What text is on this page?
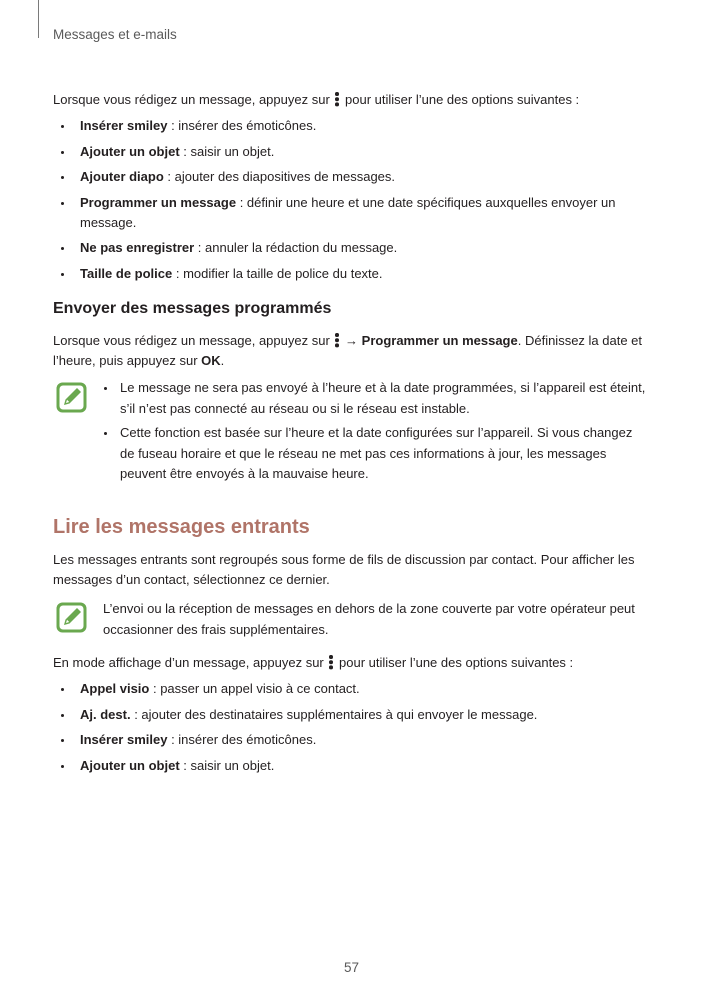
Messages et e-mails
Lorsque vous rédigez un message, appuyez sur pour utiliser l’une des options suivantes :
Insérer smiley : insérer des émoticônes.
Ajouter un objet : saisir un objet.
Ajouter diapo : ajouter des diapositives de messages.
Programmer un message : définir une heure et une date spécifiques auxquelles envoyer un message.
Ne pas enregistrer : annuler la rédaction du message.
Taille de police : modifier la taille de police du texte.
Envoyer des messages programmés
Lorsque vous rédigez un message, appuyez sur → Programmer un message. Définissez la date et l’heure, puis appuyez sur OK.
Le message ne sera pas envoyé à l’heure et à la date programmées, si l’appareil est éteint, s’il n’est pas connecté au réseau ou si le réseau est instable.
Cette fonction est basée sur l’heure et la date configurées sur l’appareil. Si vous changez de fuseau horaire et que le réseau ne met pas ces informations à jour, les messages peuvent être envoyés à la mauvaise heure.
Lire les messages entrants
Les messages entrants sont regroupés sous forme de fils de discussion par contact. Pour afficher les messages d’un contact, sélectionnez ce dernier.
L’envoi ou la réception de messages en dehors de la zone couverte par votre opérateur peut occasionner des frais supplémentaires.
En mode affichage d’un message, appuyez sur pour utiliser l’une des options suivantes :
Appel visio : passer un appel visio à ce contact.
Aj. dest. : ajouter des destinataires supplémentaires à qui envoyer le message.
Insérer smiley : insérer des émoticônes.
Ajouter un objet : saisir un objet.
57
